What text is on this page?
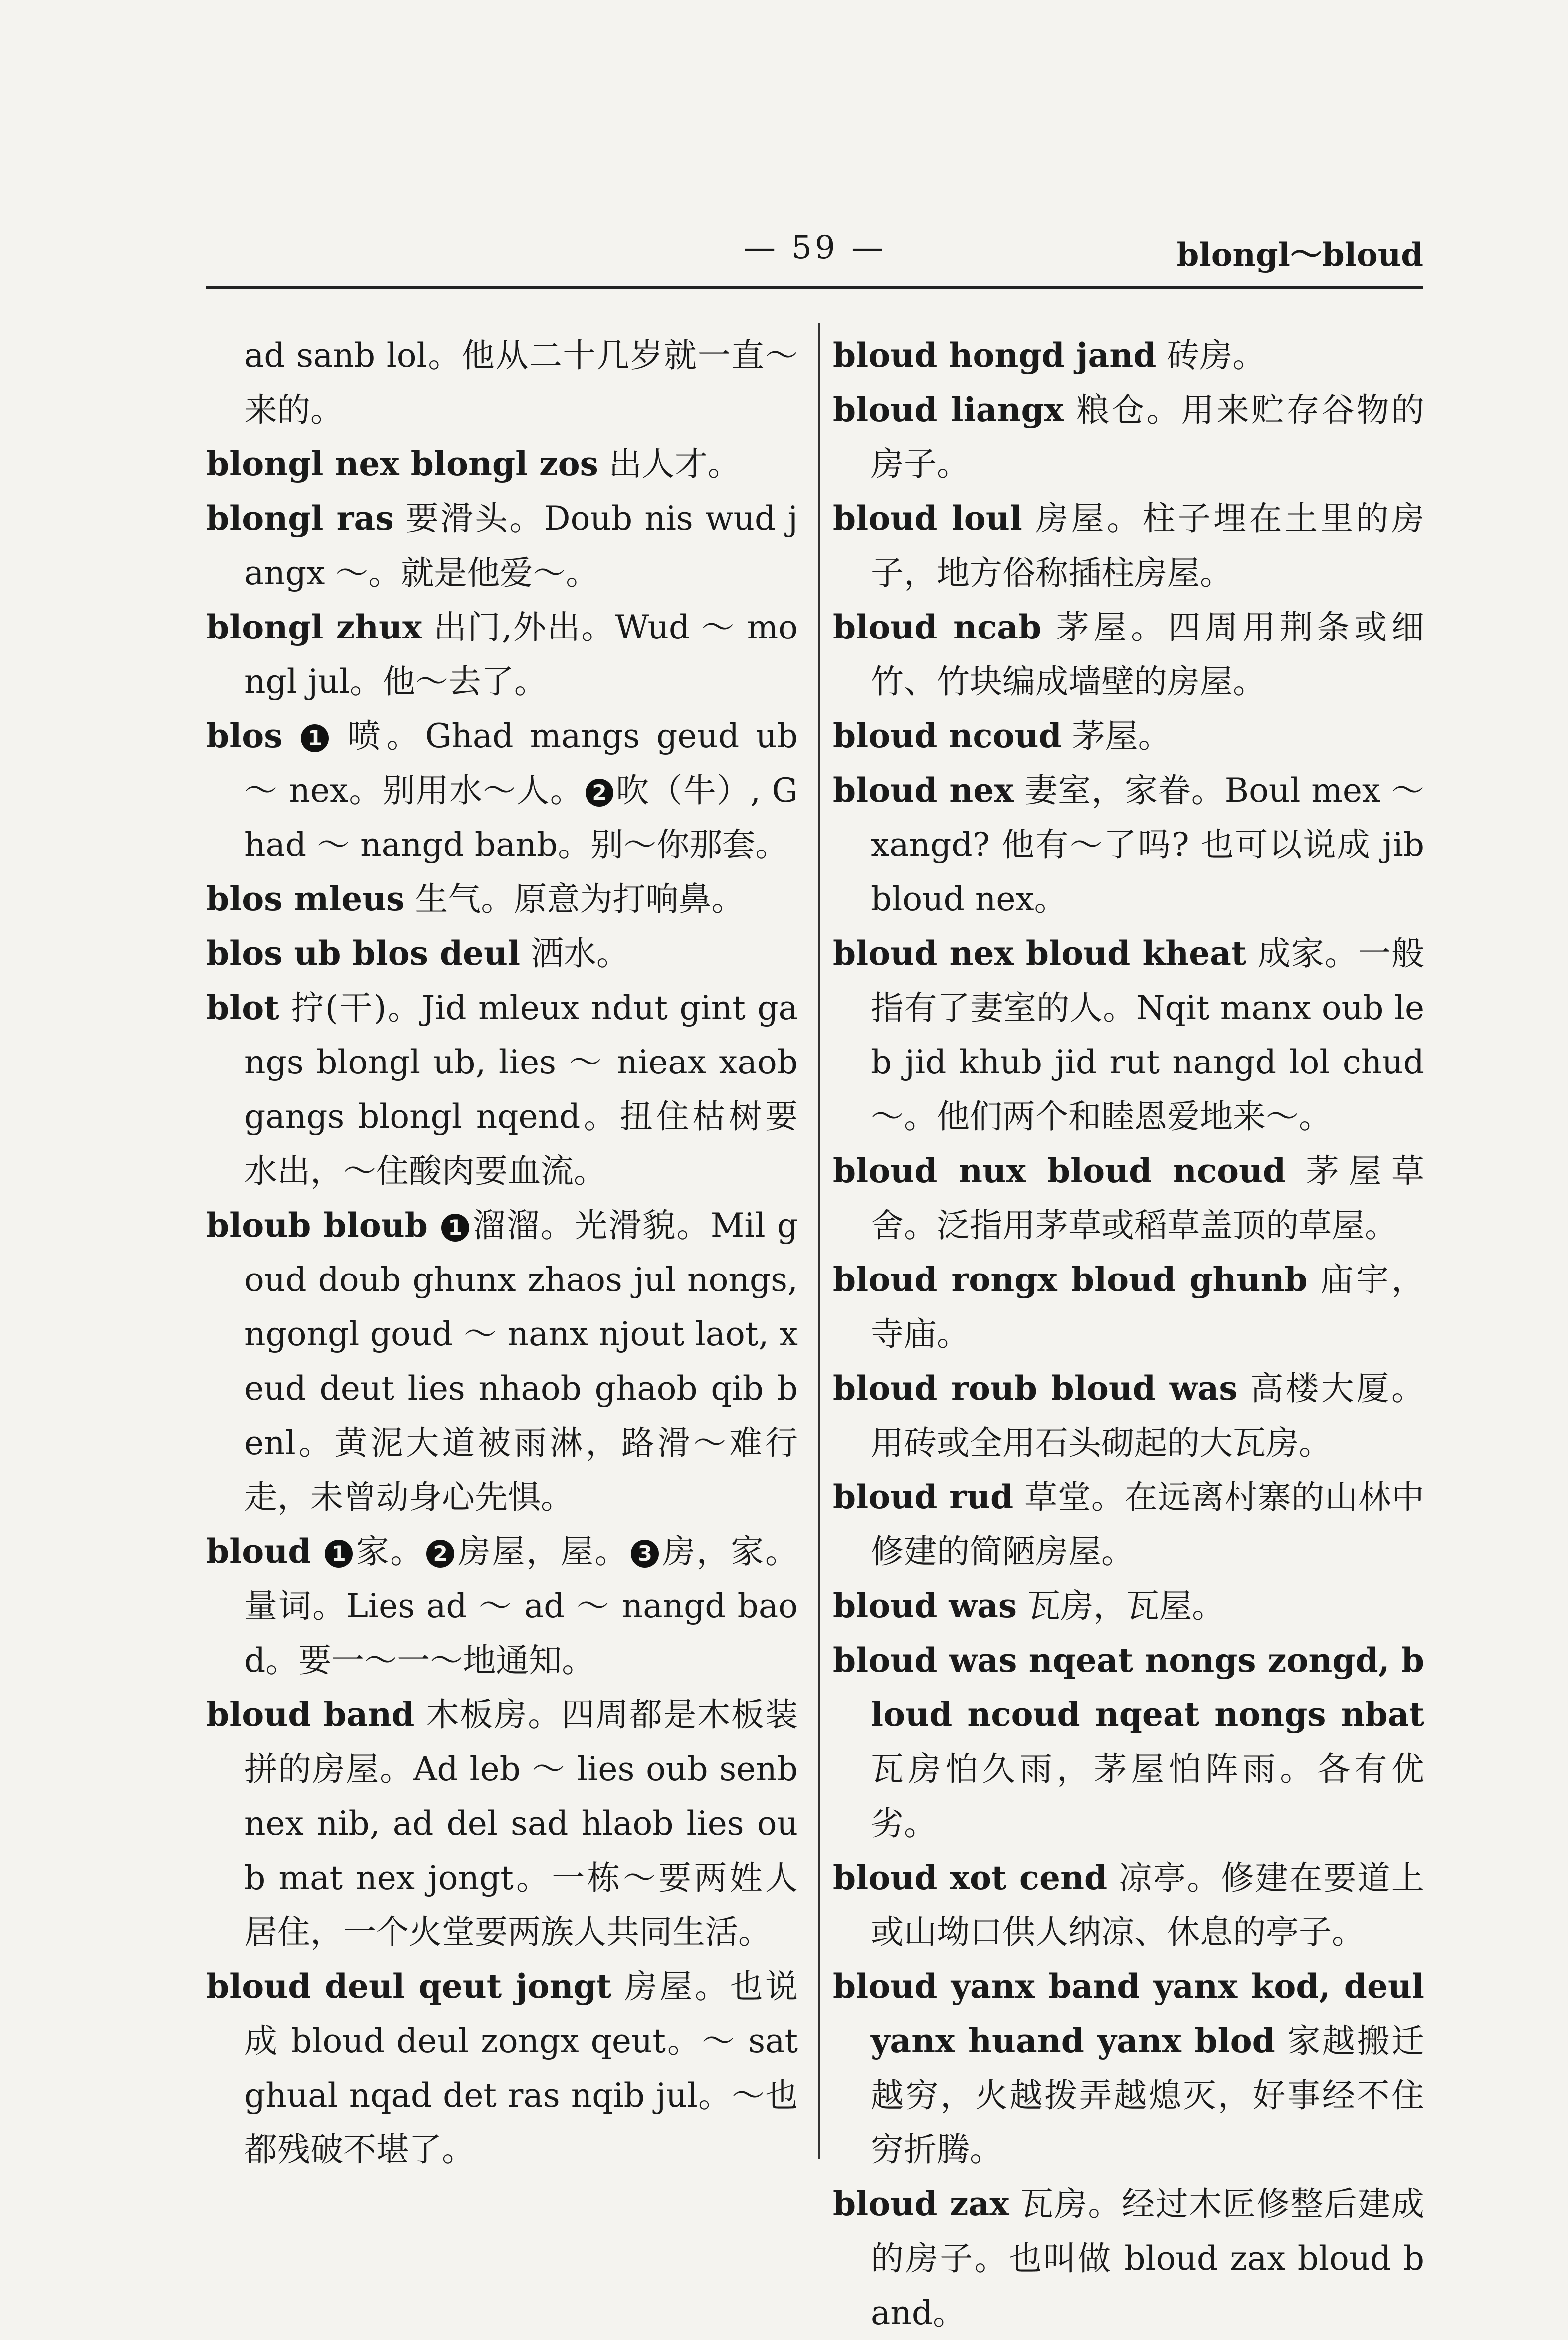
— 59 —	blongl～bloud

ad sanb lol。他从二十几岁就一直～来的。

blongl nex blongl zos 出人才。

blongl ras 要滑头。Doub nis wud jangx ～。就是他爱～。

blongl zhux 出门,外出。Wud ～ mongl jul。他～去了。

blos 1 喷。Ghad mangs geud ub ～ nex。别用水～人。 2 吹（牛）, Ghad ～ nangd banb。别～你那套。

blos mleus 生气。原意为打响鼻。

blos ub blos deul 洒水。

blot 拧(干)。Jid mleux ndut gint gangs blongl ub, lies ～ nieax xaob gangs blongl nqend。扭住枯树要水出，～住酸肉要血流。

bloub bloub 1 溜溜。光滑貌。Mil goud doub ghunx zhaos jul nongs, ngongl goud ～ nanx njout laot, xeud deut lies nhaob ghaob qib benl。黄泥大道被雨淋，路滑～难行走，未曾动身心先惧。

bloud 1 家。 2 房屋，屋。 3 房，家。量词。Lies ad ～ ad ～ nangd baod。要一～一～地通知。

bloud band 木板房。四周都是木板装拼的房屋。Ad leb ～ lies oub senb nex nib, ad del sad hlaob lies oub mat nex jongt。一栋～要两姓人居住，一个火堂要两族人共同生活。

bloud deul qeut jongt 房屋。也说成 bloud deul zongx qeut。～ sat ghual nqad det ras nqib jul。～也都残破不堪了。

bloud hongd jand 砖房。

bloud liangx 粮仓。用来贮存谷物的房子。

bloud loul 房屋。柱子埋在土里的房子，地方俗称插柱房屋。

bloud ncab 茅屋。四周用荆条或细竹、竹块编成墙壁的房屋。

bloud ncoud 茅屋。

bloud nex 妻室，家眷。Boul mex ～ xangd? 他有～了吗? 也可以说成 jib bloud nex。

bloud nex bloud kheat 成家。一般指有了妻室的人。Nqit manx oub leb jid khub jid rut nangd lol chud ～。他们两个和睦恩爱地来～。

bloud nux bloud ncoud 茅屋草舍。泛指用茅草或稻草盖顶的草屋。

bloud rongx bloud ghunb 庙宇，寺庙。

bloud roub bloud was 高楼大厦。用砖或全用石头砌起的大瓦房。

bloud rud 草堂。在远离村寨的山林中修建的简陋房屋。

bloud was 瓦房，瓦屋。

bloud was nqeat nongs zongd, bloud ncoud nqeat nongs nbat 瓦房怕久雨，茅屋怕阵雨。各有优劣。

bloud xot cend 凉亭。修建在要道上或山坳口供人纳凉、休息的亭子。

bloud yanx band yanx kod, deul yanx huand yanx blod 家越搬迁越穷，火越拨弄越熄灭，好事经不住穷折腾。

bloud zax 瓦房。经过木匠修整后建成的房子。也叫做 bloud zax bloud band。
